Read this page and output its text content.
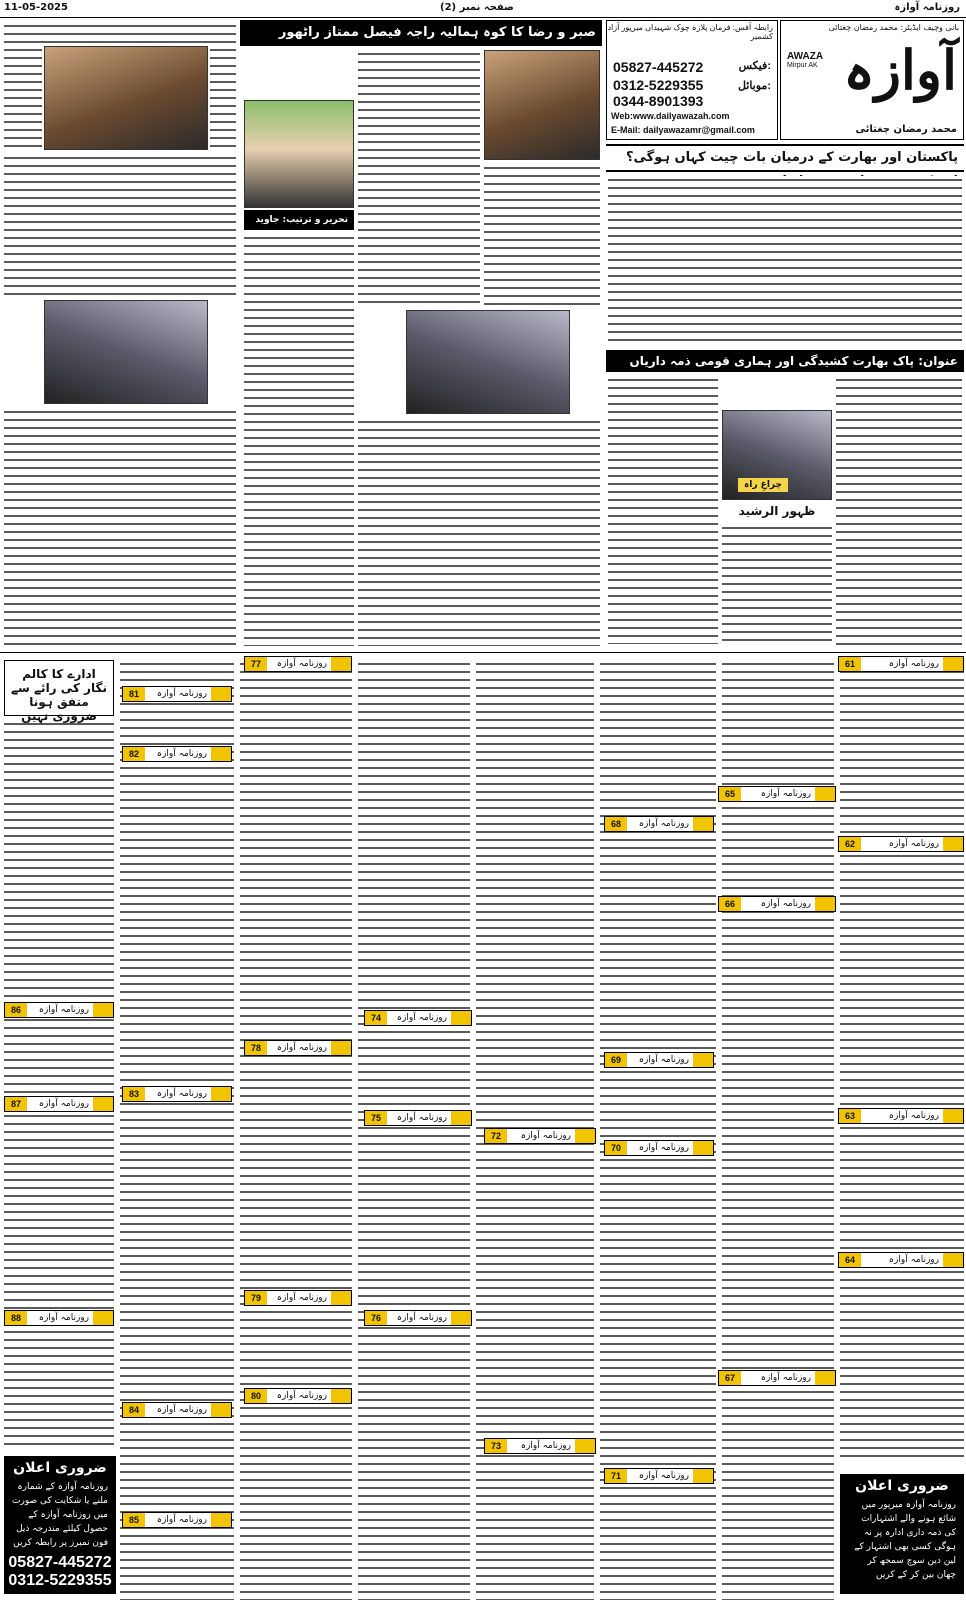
11-05-2025	صفحہ نمبر (2)	روزنامہ آوازہ
بانی وچیف ایڈیٹر: محمد رمضان چغتائی
آوازہ
AWAZA
Mirpur AK
محمد رمضان چغتائی
رابطہ آفس: فرمان پلازہ چوک شہیداں میرپور آزاد کشمیر
فیکس:
05827-445272
موبائل:
0312-5229355
0344-8901393
Web:www.dailyawazah.com
E-Mail: dailyawazamr@gmail.com
پاکستان اور بھارت کے درمیان بات چیت کہاں ہوگی؟
عنوان: پاک بھارت کشیدگی اور ہماری قومی ذمہ داریاں
چراغِ راہ
ظہور الرشید
صبر و رضا کا کوہ ہمالیہ راجہ فیصل ممتاز راٹھور
تحریر و ترتیب: جاوید
ادارے کا کالم نگار کی رائے سے متفق ہونا ضروری نہیں
61	روزنامہ آوازہ
62	روزنامہ آوازہ
63	روزنامہ آوازہ
64	روزنامہ آوازہ
65	روزنامہ آوازہ
66	روزنامہ آوازہ
67	روزنامہ آوازہ
68	روزنامہ آوازہ
69	روزنامہ آوازہ
70	روزنامہ آوازہ
71	روزنامہ آوازہ
72	روزنامہ آوازہ
73	روزنامہ آوازہ
74	روزنامہ آوازہ
75	روزنامہ آوازہ
76	روزنامہ آوازہ
77	روزنامہ آوازہ
78	روزنامہ آوازہ
79	روزنامہ آوازہ
80	روزنامہ آوازہ
81	روزنامہ آوازہ
82	روزنامہ آوازہ
83	روزنامہ آوازہ
84	روزنامہ آوازہ
85	روزنامہ آوازہ
86	روزنامہ آوازہ
87	روزنامہ آوازہ
88	روزنامہ آوازہ
ضروری اعلان
روزنامہ آوازہ کے شمارہ ملنے یا شکایت کی صورت میں روزنامہ آوازہ کے حصول کیلئے مندرجہ ذیل فون نمبرز پر رابطہ کریں
05827-445272
0312-5229355
ضروری اعلان
روزنامہ آوازہ میرپور میں شائع ہونے والے اشتہارات کی ذمہ داری ادارہ پر نہ ہوگی کسی بھی اشتہار کے لین دین سوچ سمجھ کر چھان بین کر کے کریں
